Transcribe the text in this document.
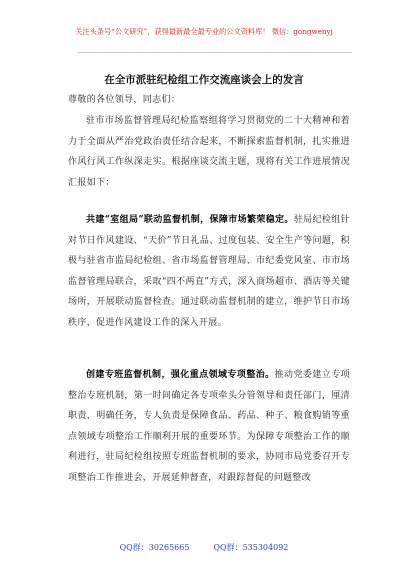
关注头条号“公文研究”，获得最新最全最专业的公文资料库！ 微信：gongwenyj
在全市派驻纪检组工作交流座谈会上的发言
尊敬的各位领导，同志们：
驻市市场监督管理局纪检监察组将学习贯彻党的二十大精神和着力于全面从严治党政治责任结合起来，不断探索监督机制，扎实推进作风行风工作纵深走实。根据座谈交流主题，现将有关工作进展情况汇报如下：
共建“室组局”联动监督机制，保障市场繁荣稳定。驻局纪检组针对节日作风建设、“天价”节日礼品、过度包装、安全生产等问题，积极与驻省市监局纪检组、省市场监督管理局、市纪委党风室、市市场监督管理局联合，采取“四不两直”方式，深入商场超市、酒店等关键场所，开展联动监督检查。通过联动监督机制的建立，维护节日市场秩序，促进作风建设工作的深入开展。
创建专班监督机制，强化重点领域专项整治。推动党委建立专项整治专班机制，第一时间确定各专项牵头分管领导和责任部门，厘清职责，明确任务，专人负责是保障食品、药品、种子、粮食购销等重点领域专项整治工作顺利开展的重要环节。为保障专项整治工作的顺利进行，驻局纪检组按照专班监督机制的要求，协同市局党委召开专项整治工作推进会，开展延伸督查，对跟踪督促的问题整改
QQ群：30265665	QQ群：535304092
